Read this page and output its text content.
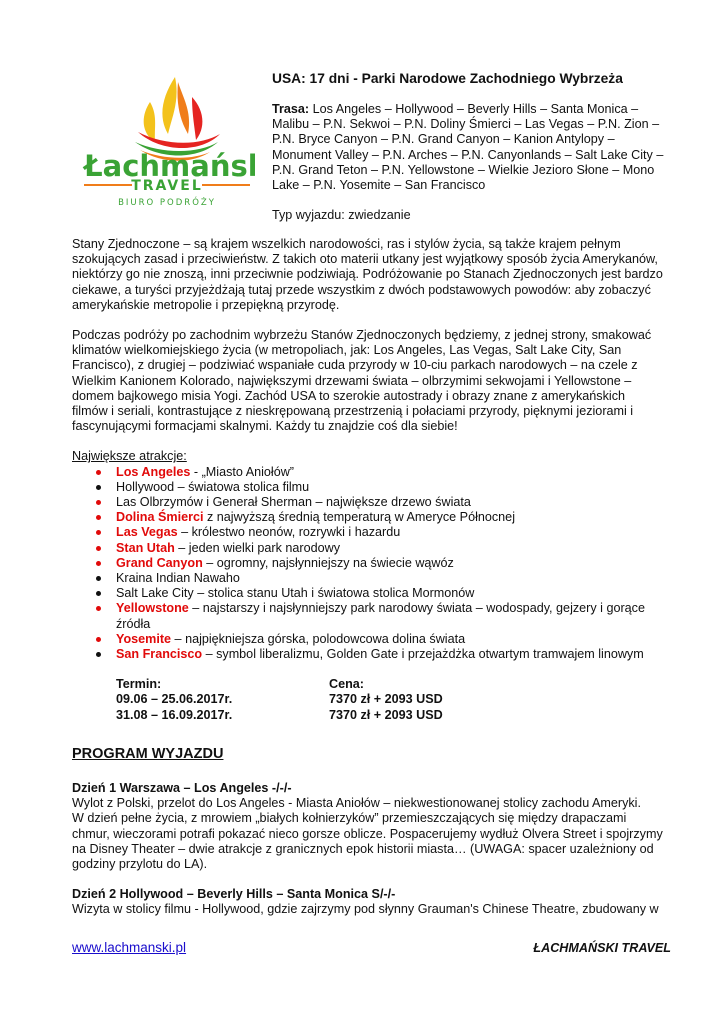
Łachmańs
TRAVEL
BIURO PODRÓŻY

USA: 17 dni - Parki Narodowe Zachodniego Wybrzeża

Trasa: Los Angeles – Hollywood – Beverly Hills – Santa Monica – Malibu – P.N. Sekwoi – P.N. Doliny Śmierci – Las Vegas – P.N. Zion – P.N. Bryce Canyon – P.N. Grand Canyon – Kanion Antylopy – Monument Valley – P.N. Arches – P.N. Canyonlands – Salt Lake City – P.N. Grand Teton – P.N. Yellowstone – Wielkie Jezioro Słone – Mono Lake – P.N. Yosemite – San Francisco

Typ wyjazdu: zwiedzanie

Stany Zjednoczone – są krajem wszelkich narodowości, ras i stylów życia, są także krajem pełnym
szokujących zasad i przeciwieństw. Z takich oto materii utkany jest wyjątkowy sposób życia Amerykanów,
niektórzy go nie znoszą, inni przeciwnie podziwiają. Podróżowanie po Stanach Zjednoczonych jest bardzo
ciekawe, a turyści przyjeżdżają tutaj przede wszystkim z dwóch podstawowych powodów: aby zobaczyć
amerykańskie metropolie i przepiękną przyrodę.

Podczas podróży po zachodnim wybrzeżu Stanów Zjednoczonych będziemy, z jednej strony, smakować
klimatów wielkomiejskiego życia (w metropoliach, jak: Los Angeles, Las Vegas, Salt Lake City, San
Francisco), z drugiej – podziwiać wspaniałe cuda przyrody w 10-ciu parkach narodowych – na czele z
Wielkim Kanionem Kolorado, największymi drzewami świata – olbrzymimi sekwojami i Yellowstone –
domem bajkowego misia Yogi. Zachód USA to szerokie autostrady i obrazy znane z amerykańskich
filmów i seriali, kontrastujące z nieskrępowaną przestrzenią i połaciami przyrody, pięknymi jeziorami i
fascynującymi formacjami skalnymi. Każdy tu znajdzie coś dla siebie!

Największe atrakcje:

Los Angeles - „Miasto Aniołów”
Hollywood – światowa stolica filmu
Las Olbrzymów i Generał Sherman – największe drzewo świata
Dolina Śmierci z najwyższą średnią temperaturą w Ameryce Północnej
Las Vegas – królestwo neonów, rozrywki i hazardu
Stan Utah – jeden wielki park narodowy
Grand Canyon – ogromny, najsłynniejszy na świecie wąwóz
Kraina Indian Nawaho
Salt Lake City – stolica stanu Utah i światowa stolica Mormonów
Yellowstone – najstarszy i najsłynniejszy park narodowy świata – wodospady, gejzery i gorące źródła
Yosemite – najpiękniejsza górska, polodowcowa dolina świata
San Francisco – symbol liberalizmu, Golden Gate i przejażdżka otwartym tramwajem linowym
Termin:	Cena:
09.06 – 25.06.2017r.	7370 zł + 2093 USD
31.08 – 16.09.2017r.	7370 zł + 2093 USD

PROGRAM WYJAZDU

Dzień 1 Warszawa – Los Angeles -/-/-

Wylot z Polski, przelot do Los Angeles - Miasta Aniołów – niekwestionowanej stolicy zachodu Ameryki.
W dzień pełne życia, z mrowiem „białych kołnierzyków” przemieszczających się między drapaczami
chmur, wieczorami potrafi pokazać nieco gorsze oblicze. Pospacerujemy wydłuż Olvera Street i spojrzymy
na Disney Theater – dwie atrakcje z granicznych epok historii miasta… (UWAGA: spacer uzależniony od
godziny przylotu do LA).

Dzień 2 Hollywood – Beverly Hills – Santa Monica S/-/-

Wizyta w stolicy filmu - Hollywood, gdzie zajrzymy pod słynny Grauman's Chinese Theatre, zbudowany w

www.lachmanski.pl	ŁACHMAŃSKI TRAVEL
